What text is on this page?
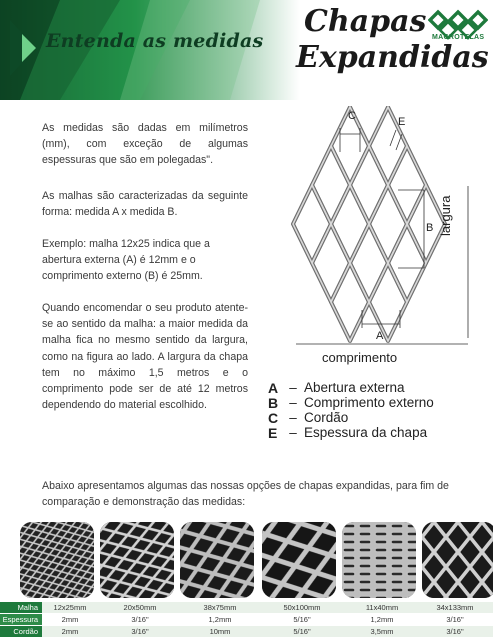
Entenda as medidas
Chapas
Expandidas
MACROTELAS
As medidas são dadas em milímetros (mm), com exceção de algumas espessuras que são em polegadas".
As malhas são caracterizadas da seguinte forma: medida A x medida B.
Exemplo: malha 12x25 indica que a abertura externa (A) é 12mm e o comprimento externo (B) é 25mm.
Quando encomendar o seu produto atente-se ao sentido da malha: a maior medida da malha fica no mesmo sentido da largura, como na figura ao lado. A largura da chapa tem no máximo 1,5 metros e o comprimento pode ser de até 12 metros dependendo do material escolhido.
C	E
B
A
largura
comprimento
A – Abertura externa
B – Comprimento externo
C – Cordão
E – Espessura da chapa
Abaixo apresentamos algumas das nossas opções de chapas expandidas, para fim de comparação e demonstração das medidas:
Malha	12x25mm	20x50mm	38x75mm	50x100mm	11x40mm	34x133mm
Espessura	2mm	3/16"	1,2mm	5/16"	1,2mm	3/16"
Cordão	2mm	3/16"	10mm	5/16"	3,5mm	3/16"
